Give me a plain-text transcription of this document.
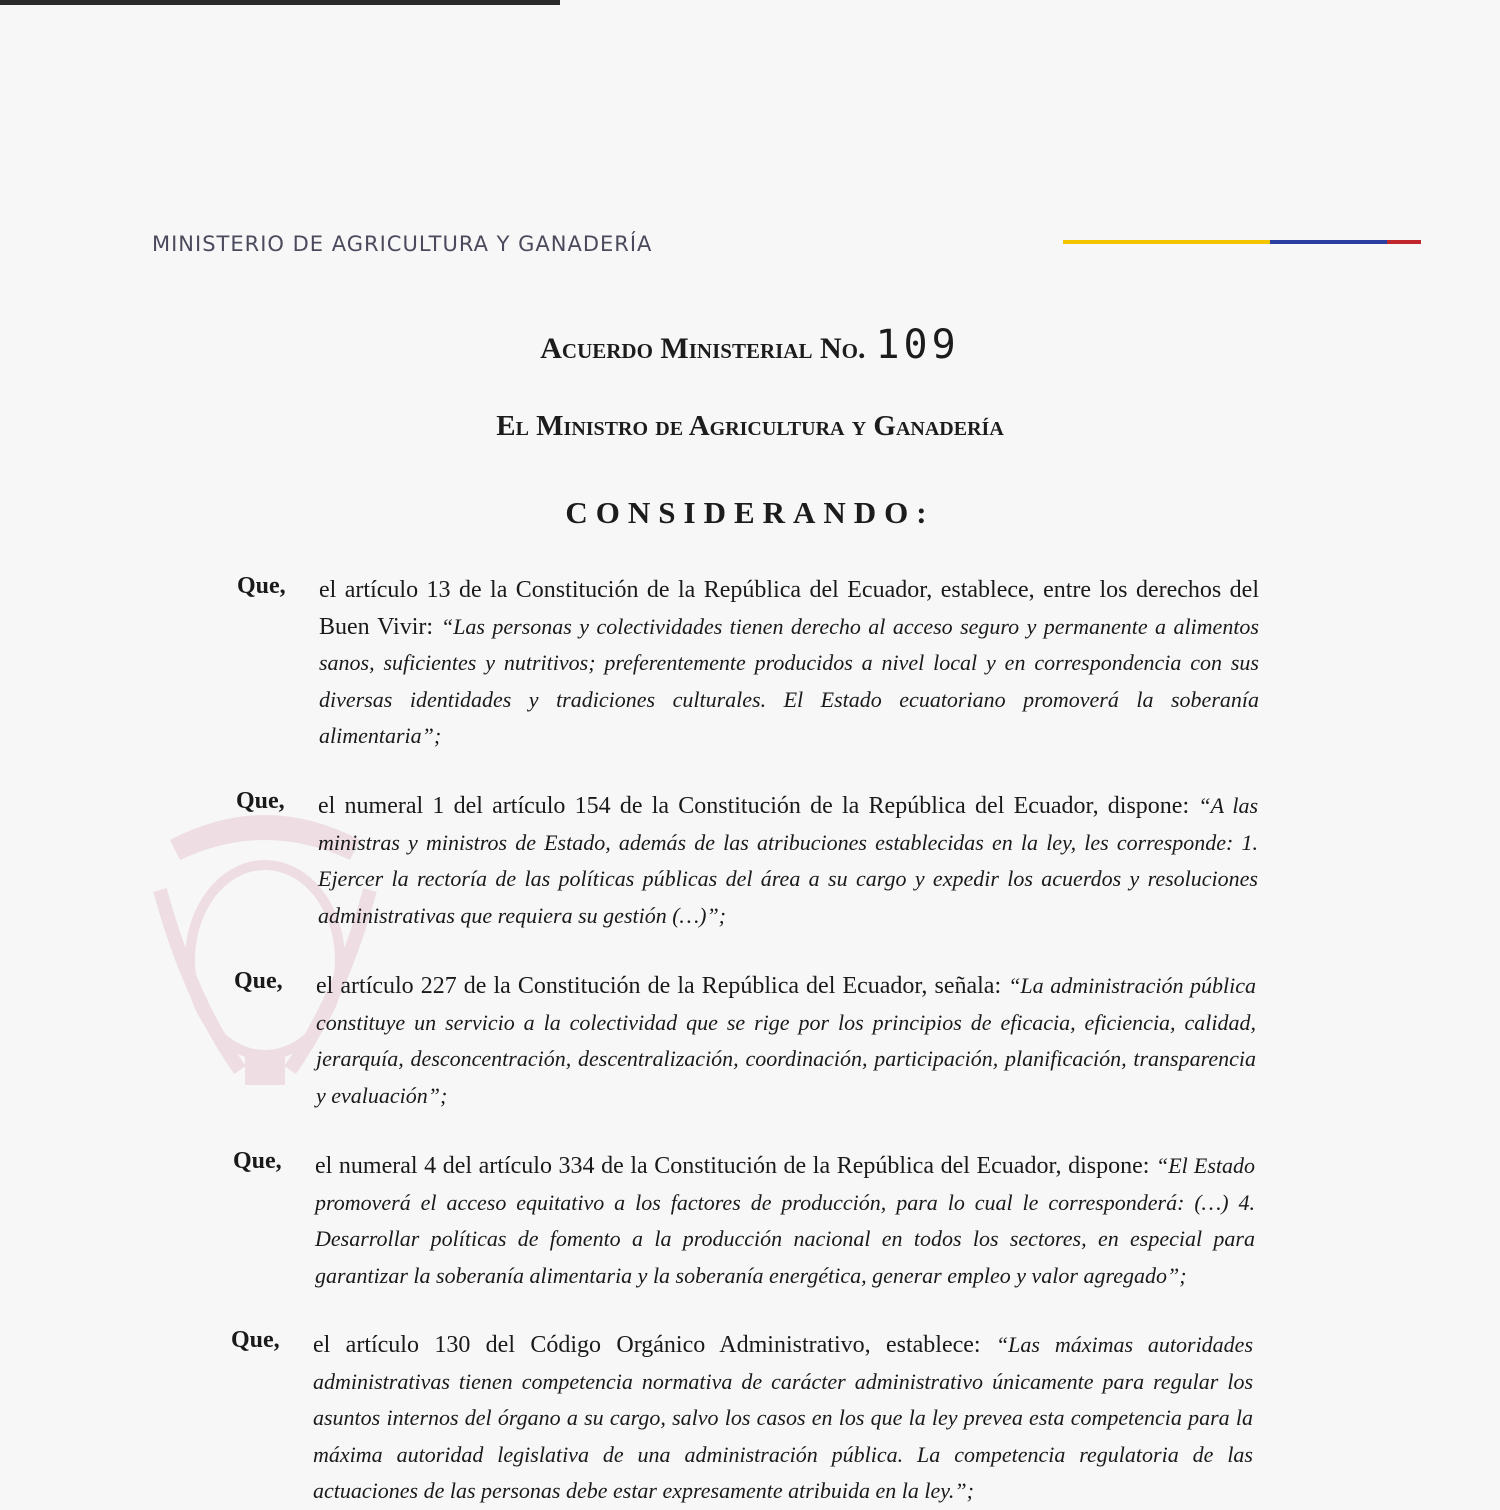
MINISTERIO DE AGRICULTURA Y GANADERÍA
Acuerdo Ministerial No. 109
El Ministro de Agricultura y Ganadería
CONSIDERANDO:
Que, el artículo 13 de la Constitución de la República del Ecuador, establece, entre los derechos del Buen Vivir: “Las personas y colectividades tienen derecho al acceso seguro y permanente a alimentos sanos, suficientes y nutritivos; preferentemente producidos a nivel local y en correspondencia con sus diversas identidades y tradiciones culturales. El Estado ecuatoriano promoverá la soberanía alimentaria”;
Que, el numeral 1 del artículo 154 de la Constitución de la República del Ecuador, dispone: “A las ministras y ministros de Estado, además de las atribuciones establecidas en la ley, les corresponde: 1. Ejercer la rectoría de las políticas públicas del área a su cargo y expedir los acuerdos y resoluciones administrativas que requiera su gestión (…)”;
Que, el artículo 227 de la Constitución de la República del Ecuador, señala: “La administración pública constituye un servicio a la colectividad que se rige por los principios de eficacia, eficiencia, calidad, jerarquía, desconcentración, descentralización, coordinación, participación, planificación, transparencia y evaluación”;
Que, el numeral 4 del artículo 334 de la Constitución de la República del Ecuador, dispone: “El Estado promoverá el acceso equitativo a los factores de producción, para lo cual le corresponderá: (…) 4. Desarrollar políticas de fomento a la producción nacional en todos los sectores, en especial para garantizar la soberanía alimentaria y la soberanía energética, generar empleo y valor agregado”;
Que, el artículo 130 del Código Orgánico Administrativo, establece: “Las máximas autoridades administrativas tienen competencia normativa de carácter administrativo únicamente para regular los asuntos internos del órgano a su cargo, salvo los casos en los que la ley prevea esta competencia para la máxima autoridad legislativa de una administración pública. La competencia regulatoria de las actuaciones de las personas debe estar expresamente atribuida en la ley.”;
